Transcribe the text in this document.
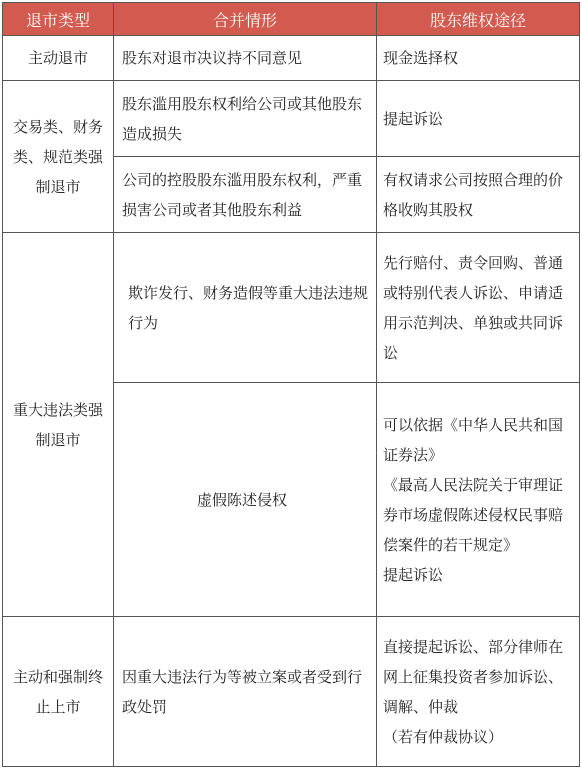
退市类型	合并情形	股东维权途径
主动退市	股东对退市决议持不同意见	现金选择权
交易类、财务类、规范类强制退市	股东滥用股东权利给公司或其他股东造成损失	提起诉讼
	公司的控股股东滥用股东权利，严重损害公司或者其他股东利益	有权请求公司按照合理的价格收购其股权
重大违法类强制退市	欺诈发行、财务造假等重大违法违规行为	先行赔付、责令回购、普通或特别代表人诉讼、申请适用示范判决、单独或共同诉讼
	虚假陈述侵权	可以依据《中华人民共和国证券法》
《最高人民法院关于审理证券市场虚假陈述侵权民事赔偿案件的若干规定》
提起诉讼

主动和强制终止上市	因重大违法行为等被立案或者受到行政处罚	直接提起诉讼、部分律师在网上征集投资者参加诉讼、调解、仲裁
（若有仲裁协议）
